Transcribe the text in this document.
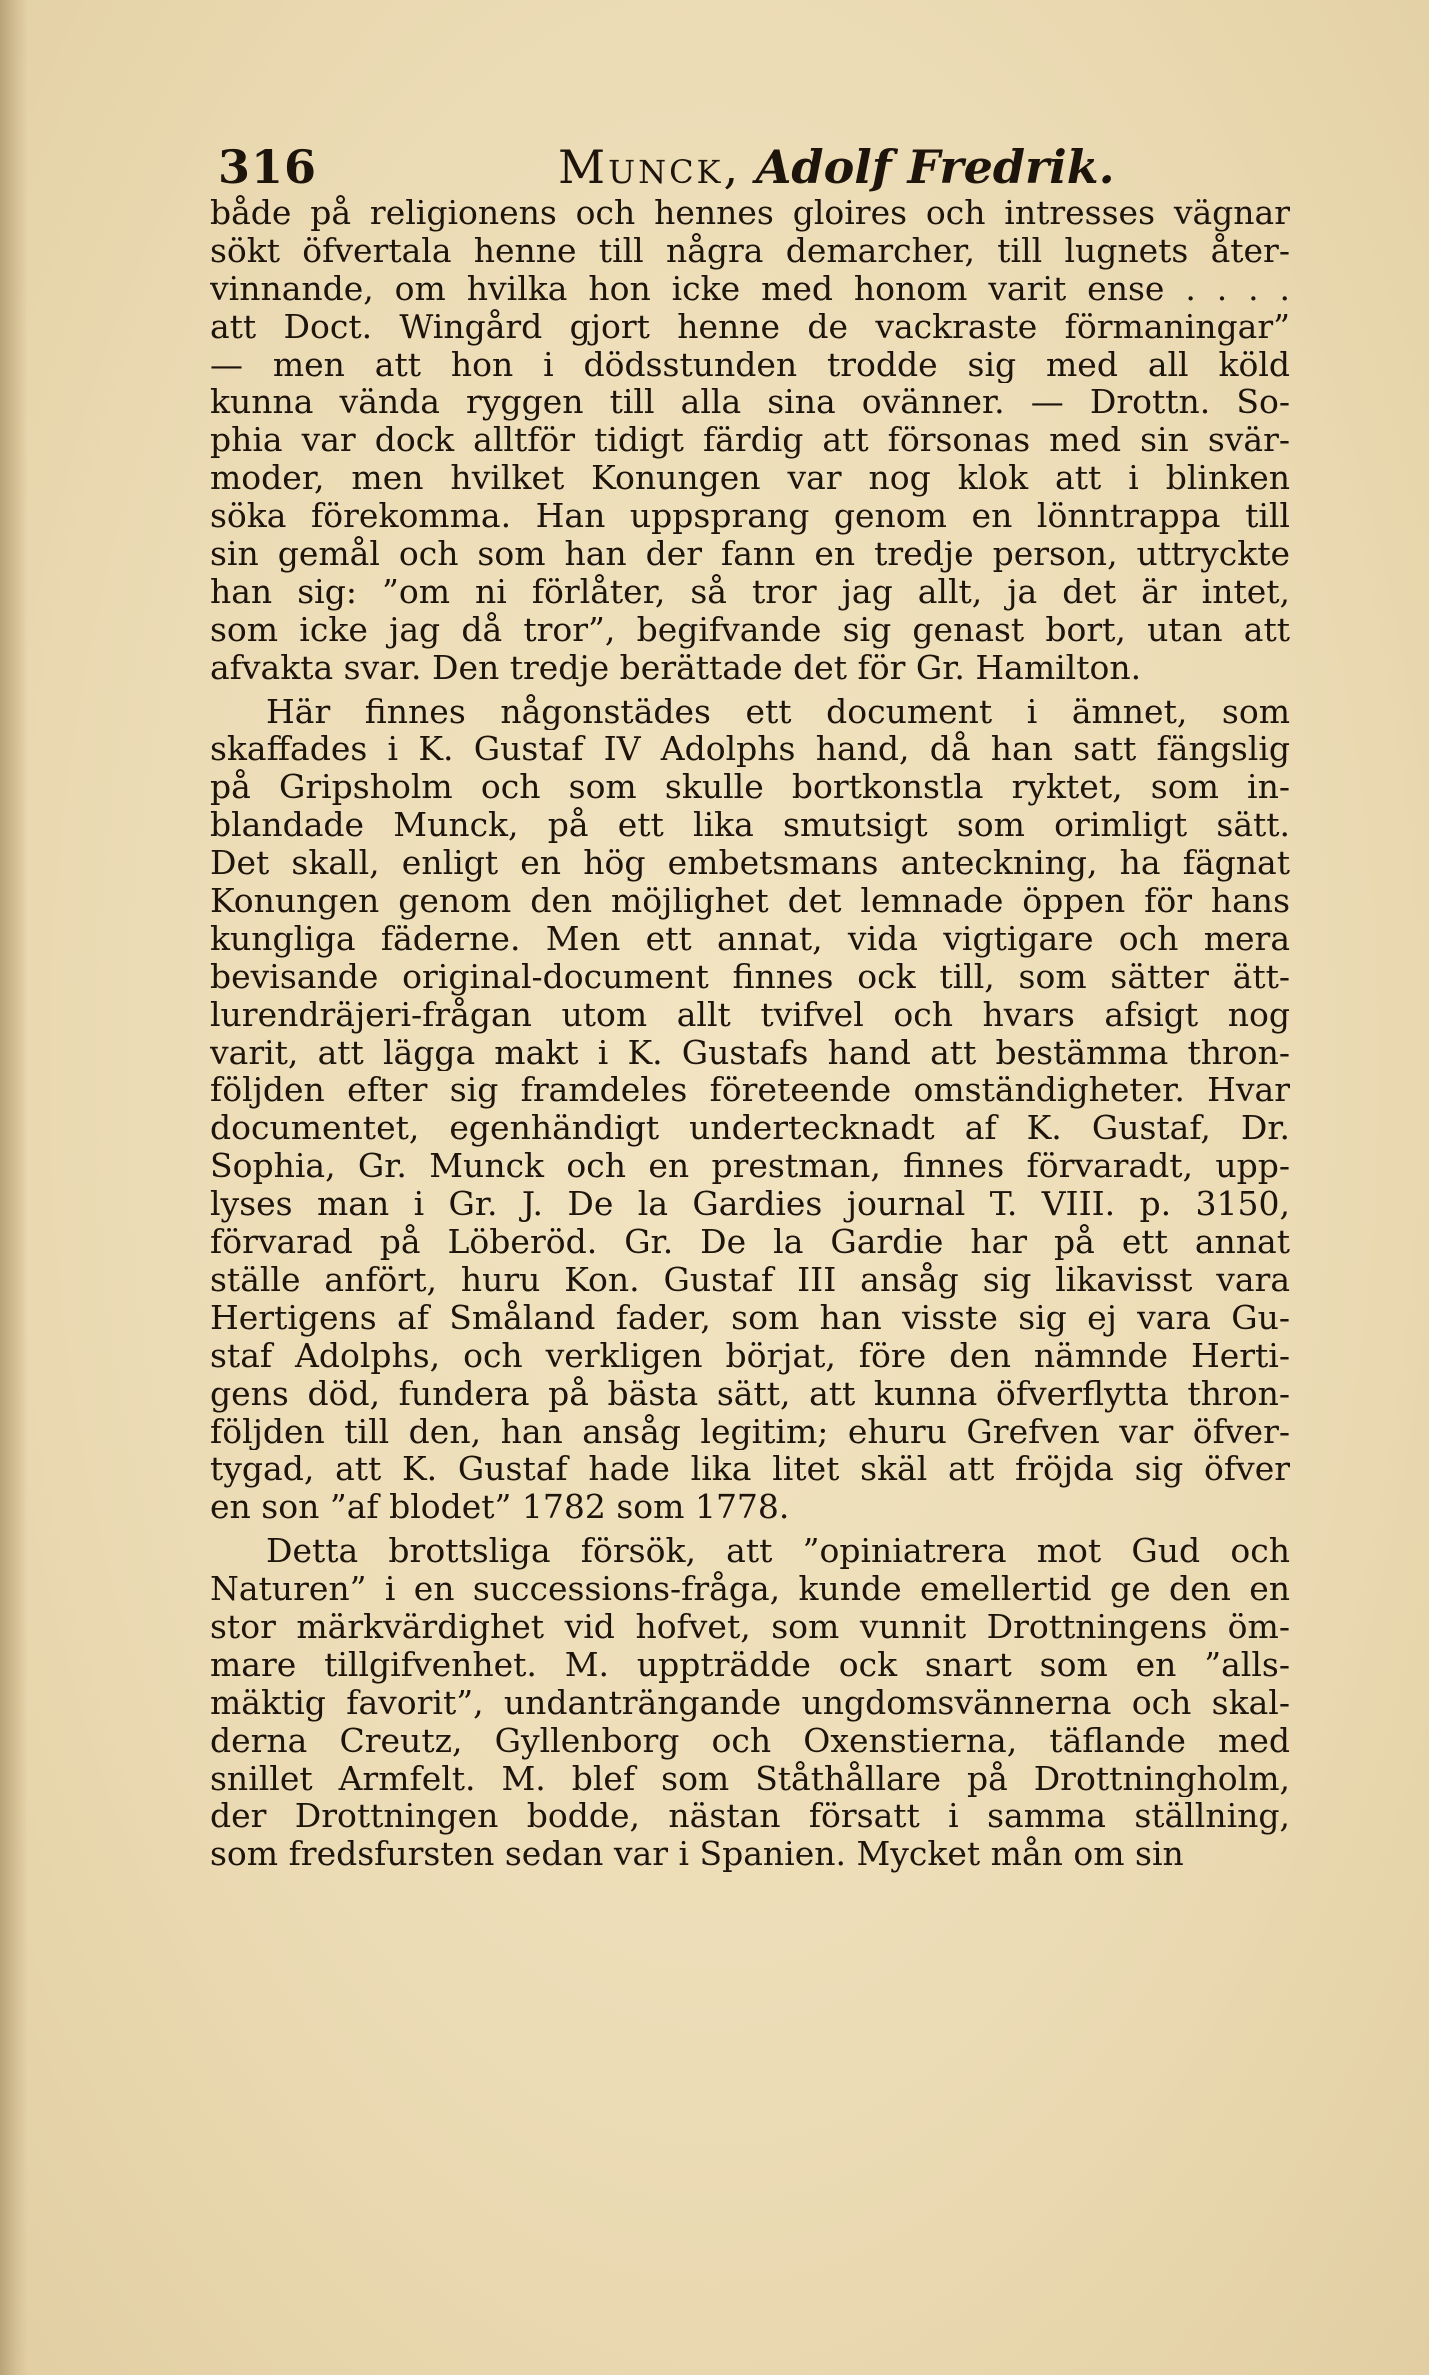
316	Munck, Adolf Fredrik.
både på religionens och hennes gloires och intresses vägnar
sökt öfvertala henne till några demarcher, till lugnets åter-
vinnande, om hvilka hon icke med honom varit ense . . . .
att Doct. Wingård gjort henne de vackraste förmaningar”
— men att hon i dödsstunden trodde sig med all köld
kunna vända ryggen till alla sina ovänner. — Drottn. So-
phia var dock alltför tidigt färdig att försonas med sin svär-
moder, men hvilket Konungen var nog klok att i blinken
söka förekomma. Han uppsprang genom en lönntrappa till
sin gemål och som han der fann en tredje person, uttryckte
han sig: ”om ni förlåter, så tror jag allt, ja det är intet,
som icke jag då tror”, begifvande sig genast bort, utan att
afvakta svar. Den tredje berättade det för Gr. Hamilton.
Här finnes någonstädes ett document i ämnet, som
skaffades i K. Gustaf IV Adolphs hand, då han satt fängslig
på Gripsholm och som skulle bortkonstla ryktet, som in-
blandade Munck, på ett lika smutsigt som orimligt sätt.
Det skall, enligt en hög embetsmans anteckning, ha fägnat
Konungen genom den möjlighet det lemnade öppen för hans
kungliga fäderne. Men ett annat, vida vigtigare och mera
bevisande original-document finnes ock till, som sätter ätt-
lurendräjeri-frågan utom allt tvifvel och hvars afsigt nog
varit, att lägga makt i K. Gustafs hand att bestämma thron-
följden efter sig framdeles företeende omständigheter. Hvar
documentet, egenhändigt undertecknadt af K. Gustaf, Dr.
Sophia, Gr. Munck och en prestman, finnes förvaradt, upp-
lyses man i Gr. J. De la Gardies journal T. VIII. p. 3150,
förvarad på Löberöd. Gr. De la Gardie har på ett annat
ställe anfört, huru Kon. Gustaf III ansåg sig likavisst vara
Hertigens af Småland fader, som han visste sig ej vara Gu-
staf Adolphs, och verkligen börjat, före den nämnde Herti-
gens död, fundera på bästa sätt, att kunna öfverflytta thron-
följden till den, han ansåg legitim; ehuru Grefven var öfver-
tygad, att K. Gustaf hade lika litet skäl att fröjda sig öfver
en son ”af blodet” 1782 som 1778.
Detta brottsliga försök, att ”opiniatrera mot Gud och
Naturen” i en successions-fråga, kunde emellertid ge den en
stor märkvärdighet vid hofvet, som vunnit Drottningens öm-
mare tillgifvenhet. M. uppträdde ock snart som en ”alls-
mäktig favorit”, undanträngande ungdomsvännerna och skal-
derna Creutz, Gyllenborg och Oxenstierna, täflande med
snillet Armfelt. M. blef som Ståthållare på Drottningholm,
der Drottningen bodde, nästan försatt i samma ställning,
som fredsfursten sedan var i Spanien. Mycket mån om sin
